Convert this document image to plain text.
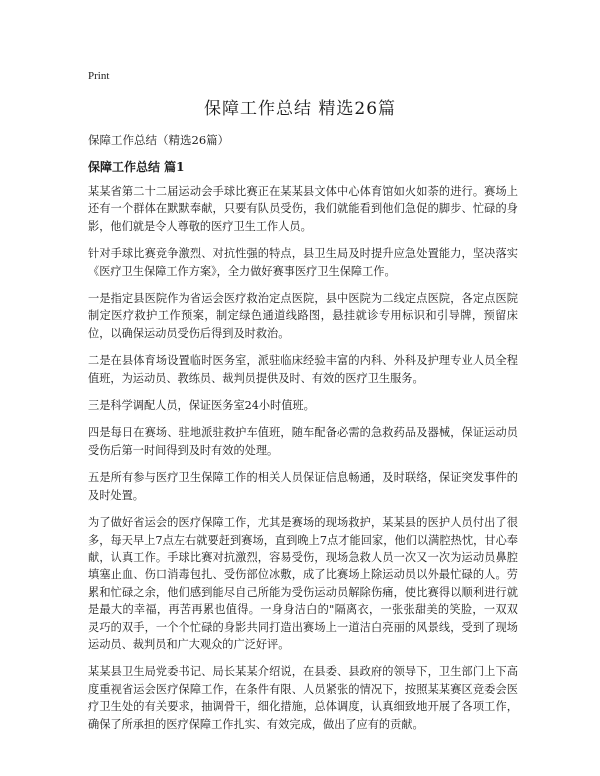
Print
保障工作总结 精选26篇

保障工作总结（精选26篇）

保障工作总结 篇1

某某省第二十二届运动会手球比赛正在某某县文体中心体育馆如火如荼的进行。赛场上还有一个群体在默默奉献，只要有队员受伤，我们就能看到他们急促的脚步、忙碌的身影，他们就是令人尊敬的医疗卫生工作人员。

针对手球比赛竞争激烈、对抗性强的特点，县卫生局及时提升应急处置能力，坚决落实《医疗卫生保障工作方案》，全力做好赛事医疗卫生保障工作。

一是指定县医院作为省运会医疗救治定点医院，县中医院为二线定点医院，各定点医院制定医疗救护工作预案，制定绿色通道线路图，悬挂就诊专用标识和引导牌，预留床位，以确保运动员受伤后得到及时救治。

二是在县体育场设置临时医务室，派驻临床经验丰富的内科、外科及护理专业人员全程值班，为运动员、教练员、裁判员提供及时、有效的医疗卫生服务。

三是科学调配人员，保证医务室24小时值班。

四是每日在赛场、驻地派驻救护车值班，随车配备必需的急救药品及器械，保证运动员受伤后第一时间得到及时有效的处理。

五是所有参与医疗卫生保障工作的相关人员保证信息畅通，及时联络，保证突发事件的及时处置。

为了做好省运会的医疗保障工作，尤其是赛场的现场救护，某某县的医护人员付出了很多，每天早上7点左右就要赶到赛场，直到晚上7点才能回家，他们以满腔热忱，甘心奉献，认真工作。手球比赛对抗激烈，容易受伤，现场急救人员一次又一次为运动员鼻腔填塞止血、伤口消毒包扎、受伤部位冰敷，成了比赛场上除运动员以外最忙碌的人。劳累和忙碌之余，他们感到能尽自己所能为受伤运动员解除伤痛，使比赛得以顺利进行就是最大的幸福，再苦再累也值得。一身身洁白的"隔离衣，一张张甜美的笑脸，一双双灵巧的双手，一个个忙碌的身影共同打造出赛场上一道洁白亮丽的风景线，受到了现场运动员、裁判员和广大观众的广泛好评。

某某县卫生局党委书记、局长某某介绍说，在县委、县政府的领导下，卫生部门上下高度重视省运会医疗保障工作，在条件有限、人员紧张的情况下，按照某某赛区竞委会医疗卫生处的有关要求，抽调骨干，细化措施，总体调度，认真细致地开展了各项工作，确保了所承担的医疗保障工作扎实、有效完成，做出了应有的贡献。
